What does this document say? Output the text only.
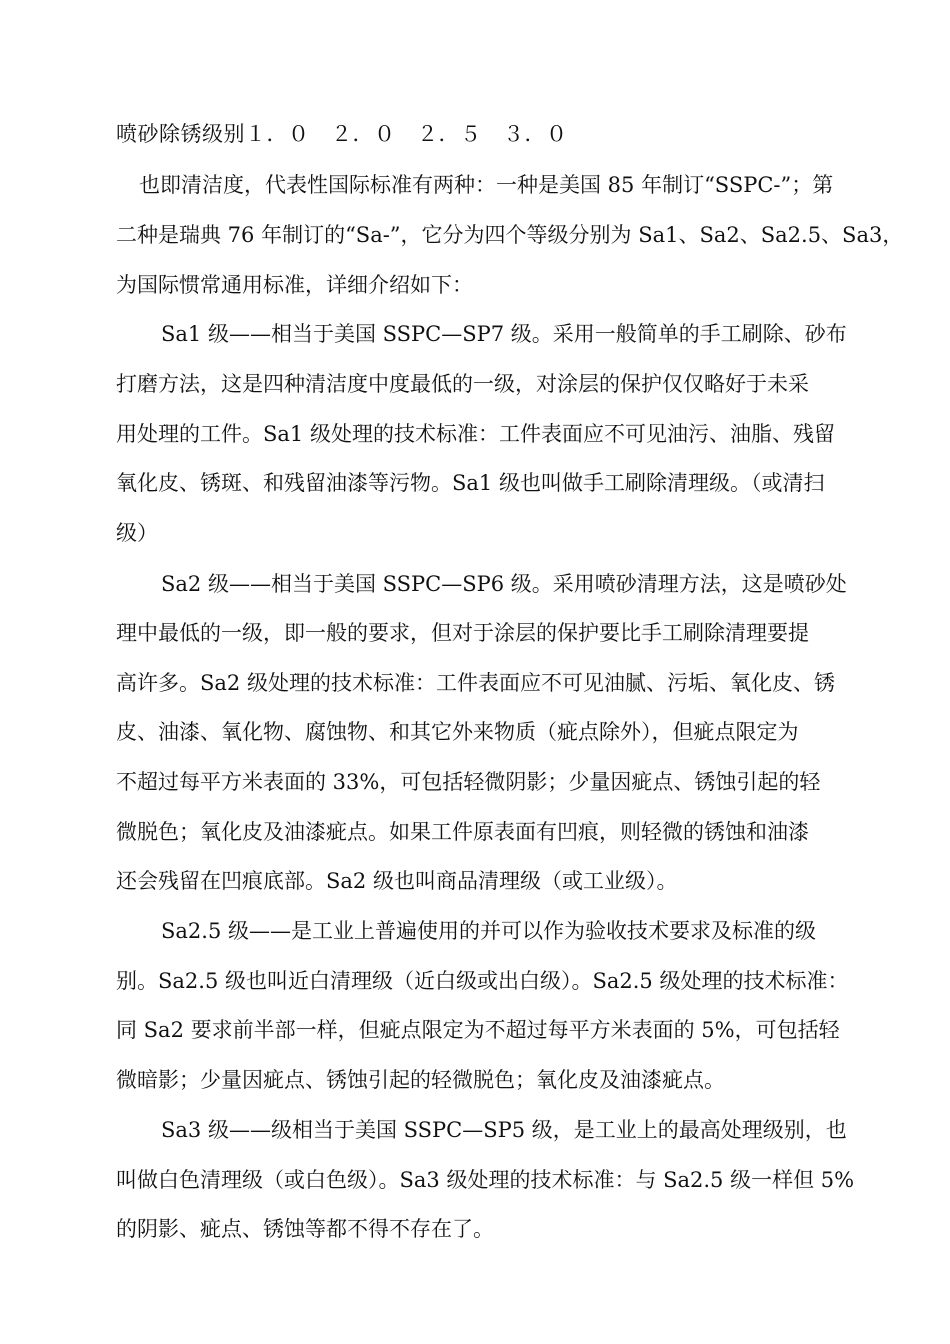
喷砂除锈级别１．０　２．０　２．５　３．０
也即清洁度，代表性国际标准有两种：一种是美国 85 年制订“SSPC-”；第
二种是瑞典 76 年制订的“Sa-”，它分为四个等级分别为 Sa1、Sa2、Sa2.5、Sa3，
为国际惯常通用标准，详细介绍如下：
Sa1 级——相当于美国 SSPC—SP7 级。采用一般简单的手工刷除、砂布
打磨方法，这是四种清洁度中度最低的一级，对涂层的保护仅仅略好于未采
用处理的工件。Sa1 级处理的技术标准：工件表面应不可见油污、油脂、残留
氧化皮、锈斑、和残留油漆等污物。Sa1 级也叫做手工刷除清理级。（或清扫
级）
Sa2 级——相当于美国 SSPC—SP6 级。采用喷砂清理方法，这是喷砂处
理中最低的一级，即一般的要求，但对于涂层的保护要比手工刷除清理要提
高许多。Sa2 级处理的技术标准：工件表面应不可见油腻、污垢、氧化皮、锈
皮、油漆、氧化物、腐蚀物、和其它外来物质（疵点除外），但疵点限定为
不超过每平方米表面的 33%，可包括轻微阴影；少量因疵点、锈蚀引起的轻
微脱色；氧化皮及油漆疵点。如果工件原表面有凹痕，则轻微的锈蚀和油漆
还会残留在凹痕底部。Sa2 级也叫商品清理级（或工业级）。
Sa2.5 级——是工业上普遍使用的并可以作为验收技术要求及标准的级
别。Sa2.5 级也叫近白清理级（近白级或出白级）。Sa2.5 级处理的技术标准：
同 Sa2 要求前半部一样，但疵点限定为不超过每平方米表面的 5%，可包括轻
微暗影；少量因疵点、锈蚀引起的轻微脱色；氧化皮及油漆疵点。
Sa3 级——级相当于美国 SSPC—SP5 级，是工业上的最高处理级别，也
叫做白色清理级（或白色级）。Sa3 级处理的技术标准：与 Sa2.5 级一样但 5%
的阴影、疵点、锈蚀等都不得不存在了。
